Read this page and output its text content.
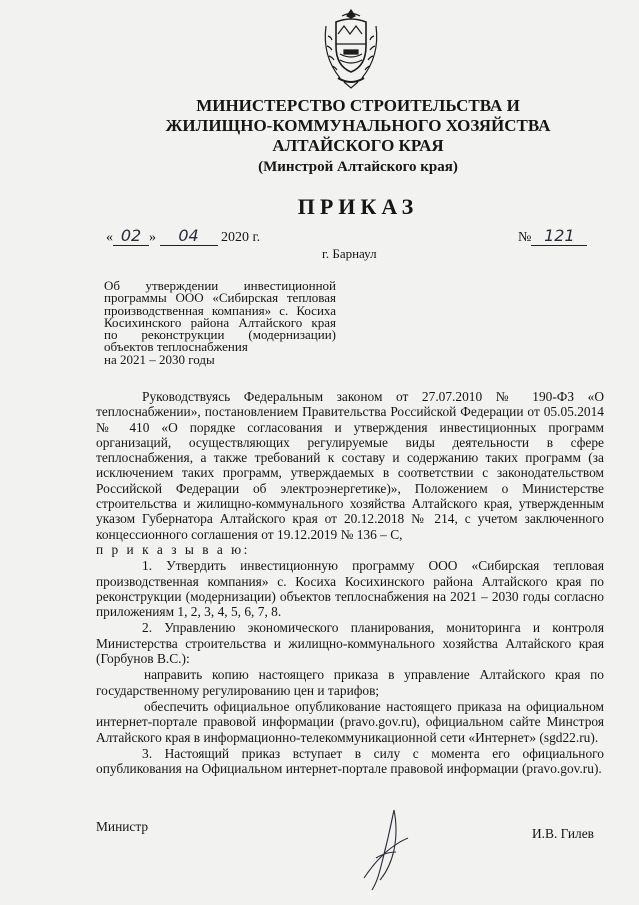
МИНИСТЕРСТВО СТРОИТЕЛЬСТВА И
ЖИЛИЩНО-КОММУНАЛЬНОГО ХОЗЯЙСТВА
АЛТАЙСКОГО КРАЯ
(Минстрой Алтайского края)
ПРИКАЗ
« 02 » 04 2020 г.	№ 121
г. Барнаул
Об утверждении инвестиционной
программы ООО «Сибирская тепловая
производственная компания» с. Косиха
Косихинского района Алтайского края
по реконструкции (модернизации)
объектов теплоснабжения
на 2021 – 2030 годы

Руководствуясь Федеральным законом от 27.07.2010 № 190-ФЗ «О теплоснабжении», постановлением Правительства Российской Федерации от 05.05.2014 № 410 «О порядке согласования и утверждения инвестиционных программ организаций, осуществляющих регулируемые виды деятельности в сфере теплоснабжения, а также требований к составу и содержанию таких программ (за исключением таких программ, утверждаемых в соответствии с законодательством Российской Федерации об электроэнергетике)», Положением о Министерстве строительства и жилищно-коммунального хозяйства Алтайского края, утвержденным указом Губернатора Алтайского края от 20.12.2018 № 214, с учетом заключенного концессионного соглашения от 19.12.2019 № 136 – С,

п р и к а з ы в а ю:

1. Утвердить инвестиционную программу ООО «Сибирская тепловая производственная компания» с. Косиха Косихинского района Алтайского края по реконструкции (модернизации) объектов теплоснабжения на 2021 – 2030 годы согласно приложениям 1, 2, 3, 4, 5, 6, 7, 8.

2. Управлению экономического планирования, мониторинга и контроля Министерства строительства и жилищно-коммунального хозяйства Алтайского края (Горбунов В.С.):

направить копию настоящего приказа в управление Алтайского края по государственному регулированию цен и тарифов;

обеспечить официальное опубликование настоящего приказа на официальном интернет-портале правовой информации (pravo.gov.ru), официальном сайте Минстроя Алтайского края в информационно-телекоммуникационной сети «Интернет» (sgd22.ru).

3. Настоящий приказ вступает в силу с момента его официального опубликования на Официальном интернет-портале правовой информации (pravo.gov.ru).

Министр	И.В. Гилев
